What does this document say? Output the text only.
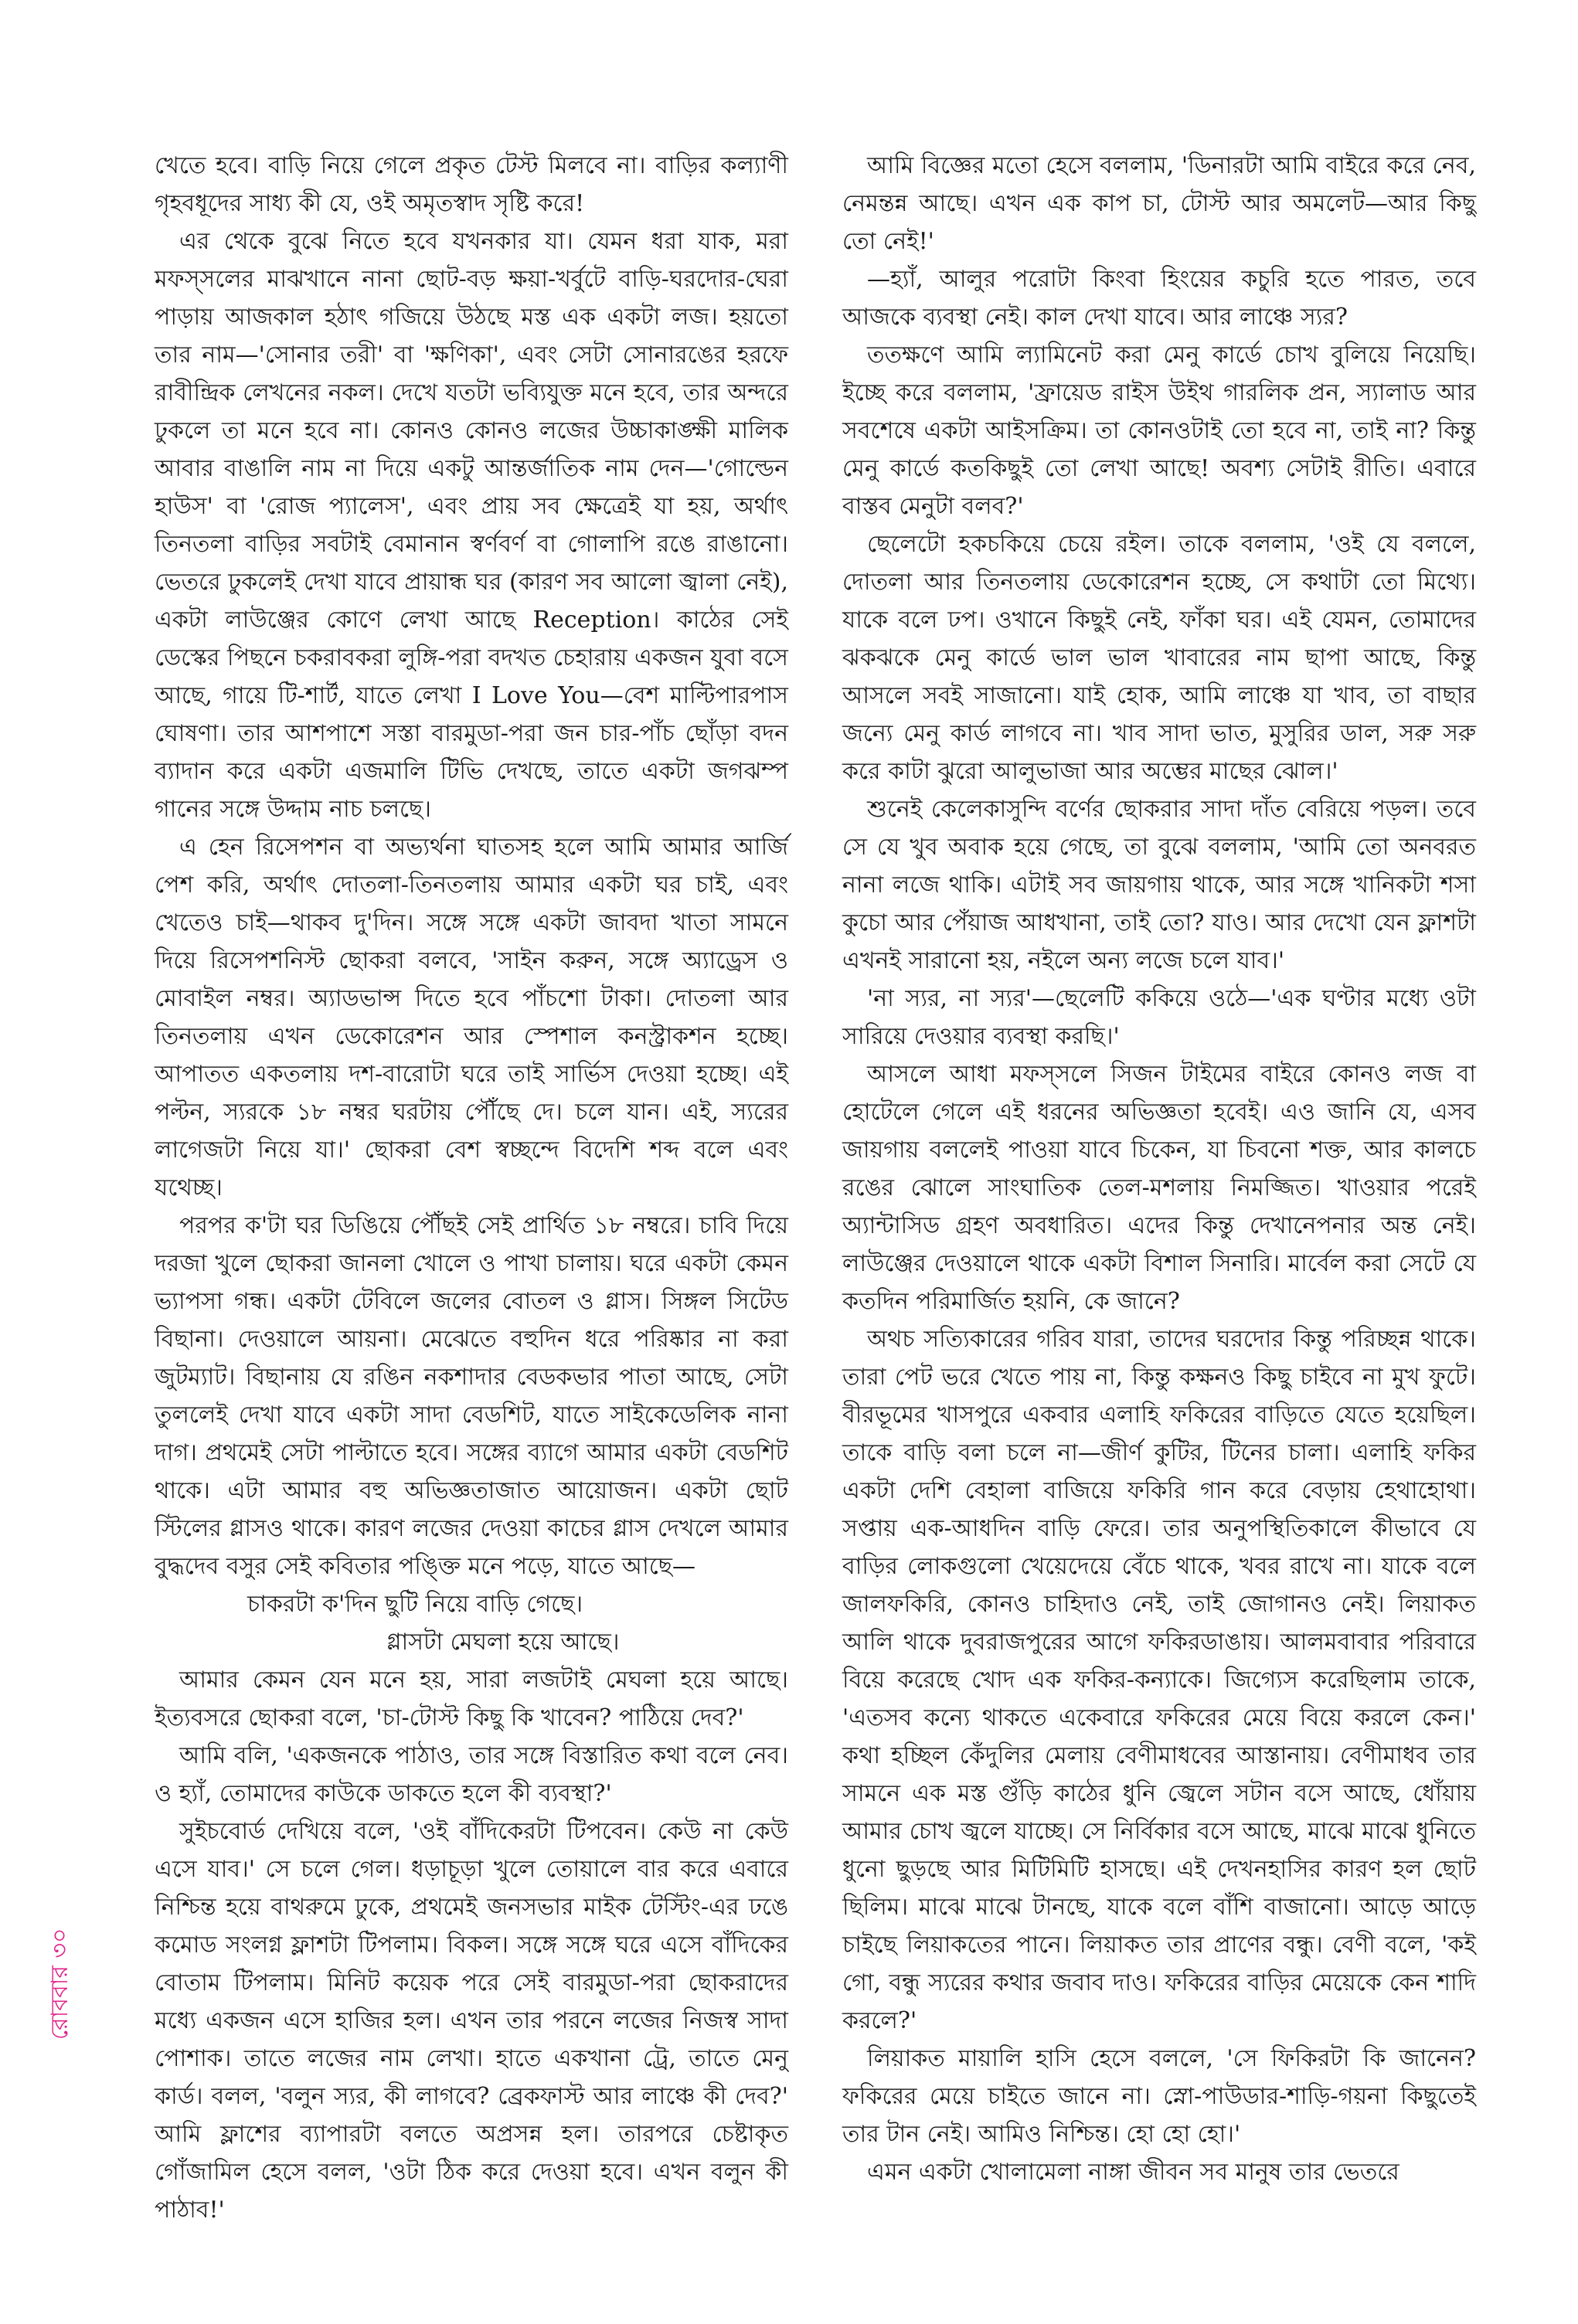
খেতে হবে। বাড়ি নিয়ে গেলে প্রকৃত টেস্ট মিলবে না। বাড়ির কল্যাণী গৃহবধূদের সাধ্য কী যে, ওই অমৃতস্বাদ সৃষ্টি করে!

এর থেকে বুঝে নিতে হবে যখনকার যা। যেমন ধরা যাক, মরা মফস্সলের মাঝখানে নানা ছোট-বড় ক্ষয়া-খর্বুটে বাড়ি-ঘরদোর-ঘেরা পাড়ায় আজকাল হঠাৎ গজিয়ে উঠছে মস্ত এক একটা লজ। হয়তো তার নাম—'সোনার তরী' বা 'ক্ষণিকা', এবং সেটা সোনারঙের হরফে রাবীন্দ্রিক লেখনের নকল। দেখে যতটা ভব্যিযুক্ত মনে হবে, তার অন্দরে ঢুকলে তা মনে হবে না। কোনও কোনও লজের উচ্চাকাঙ্ক্ষী মালিক আবার বাঙালি নাম না দিয়ে একটু আন্তর্জাতিক নাম দেন—'গোল্ডেন হাউস' বা 'রোজ প্যালেস', এবং প্রায় সব ক্ষেত্রেই যা হয়, অর্থাৎ তিনতলা বাড়ির সবটাই বেমানান স্বর্ণবর্ণ বা গোলাপি রঙে রাঙানো। ভেতরে ঢুকলেই দেখা যাবে প্রায়ান্ধ ঘর (কারণ সব আলো জ্বালা নেই), একটা লাউঞ্জের কোণে লেখা আছে Reception। কাঠের সেই ডেস্কের পিছনে চকরাবকরা লুঙ্গি-পরা বদখত চেহারায় একজন যুবা বসে আছে, গায়ে টি-শার্ট, যাতে লেখা I Love You—বেশ মাল্টিপারপাস ঘোষণা। তার আশপাশে সস্তা বারমুডা-পরা জন চার-পাঁচ ছোঁড়া বদন ব্যাদান করে একটা এজমালি টিভি দেখছে, তাতে একটা জগঝম্প গানের সঙ্গে উদ্দাম নাচ চলছে।

এ হেন রিসেপশন বা অভ্যর্থনা ঘাতসহ হলে আমি আমার আর্জি পেশ করি, অর্থাৎ দোতলা-তিনতলায় আমার একটা ঘর চাই, এবং খেতেও চাই—থাকব দু'দিন। সঙ্গে সঙ্গে একটা জাবদা খাতা সামনে দিয়ে রিসেপশনিস্ট ছোকরা বলবে, 'সাইন করুন, সঙ্গে অ্যাড্রেস ও মোবাইল নম্বর। অ্যাডভান্স দিতে হবে পাঁচশো টাকা। দোতলা আর তিনতলায় এখন ডেকোরেশন আর স্পেশাল কনস্ট্রাকশন হচ্ছে। আপাতত একতলায় দশ-বারোটা ঘরে তাই সার্ভিস দেওয়া হচ্ছে। এই পল্টন, স্যরকে ১৮ নম্বর ঘরটায় পৌঁছে দে। চলে যান। এই, স্যরের লাগেজটা নিয়ে যা।' ছোকরা বেশ স্বচ্ছন্দে বিদেশি শব্দ বলে এবং যথেচ্ছ।

পরপর ক'টা ঘর ডিঙিয়ে পৌঁছই সেই প্রার্থিত ১৮ নম্বরে। চাবি দিয়ে দরজা খুলে ছোকরা জানলা খোলে ও পাখা চালায়। ঘরে একটা কেমন ভ্যাপসা গন্ধ। একটা টেবিলে জলের বোতল ও গ্লাস। সিঙ্গল সিটেড বিছানা। দেওয়ালে আয়না। মেঝেতে বহুদিন ধরে পরিষ্কার না করা জুটম্যাট। বিছানায় যে রঙিন নকশাদার বেডকভার পাতা আছে, সেটা তুললেই দেখা যাবে একটা সাদা বেডশিট, যাতে সাইকেডেলিক নানা দাগ। প্রথমেই সেটা পাল্টাতে হবে। সঙ্গের ব্যাগে আমার একটা বেডশিট থাকে। এটা আমার বহু অভিজ্ঞতাজাত আয়োজন। একটা ছোট স্টিলের গ্লাসও থাকে। কারণ লজের দেওয়া কাচের গ্লাস দেখলে আমার বুদ্ধদেব বসুর সেই কবিতার পঙ্ক্তি মনে পড়ে, যাতে আছে—

চাকরটা ক'দিন ছুটি নিয়ে বাড়ি গেছে।
গ্লাসটা মেঘলা হয়ে আছে।

আমার কেমন যেন মনে হয়, সারা লজটাই মেঘলা হয়ে আছে। ইত্যবসরে ছোকরা বলে, 'চা-টোস্ট কিছু কি খাবেন? পাঠিয়ে দেব?'

আমি বলি, 'একজনকে পাঠাও, তার সঙ্গে বিস্তারিত কথা বলে নেব। ও হ্যাঁ, তোমাদের কাউকে ডাকতে হলে কী ব্যবস্থা?'

সুইচবোর্ড দেখিয়ে বলে, 'ওই বাঁদিকেরটা টিপবেন। কেউ না কেউ এসে যাব।' সে চলে গেল। ধড়াচূড়া খুলে তোয়ালে বার করে এবারে নিশ্চিন্ত হয়ে বাথরুমে ঢুকে, প্রথমেই জনসভার মাইক টেস্টিং-এর ঢঙে কমোড সংলগ্ন ফ্লাশটা টিপলাম। বিকল। সঙ্গে সঙ্গে ঘরে এসে বাঁদিকের বোতাম টিপলাম। মিনিট কয়েক পরে সেই বারমুডা-পরা ছোকরাদের মধ্যে একজন এসে হাজির হল। এখন তার পরনে লজের নিজস্ব সাদা পোশাক। তাতে লজের নাম লেখা। হাতে একখানা ট্রে, তাতে মেনু কার্ড। বলল, 'বলুন স্যর, কী লাগবে? ব্রেকফাস্ট আর লাঞ্চে কী দেব?' আমি ফ্লাশের ব্যাপারটা বলতে অপ্রসন্ন হল। তারপরে চেষ্টাকৃত গোঁজামিল হেসে বলল, 'ওটা ঠিক করে দেওয়া হবে। এখন বলুন কী পাঠাব!'

আমি বিজ্ঞের মতো হেসে বললাম, 'ডিনারটা আমি বাইরে করে নেব, নেমন্তন্ন আছে। এখন এক কাপ চা, টোস্ট আর অমলেট—আর কিছু তো নেই!'

—হ্যাঁ, আলুর পরোটা কিংবা হিংয়ের কচুরি হতে পারত, তবে আজকে ব্যবস্থা নেই। কাল দেখা যাবে। আর লাঞ্চে স্যর?

ততক্ষণে আমি ল্যামিনেট করা মেনু কার্ডে চোখ বুলিয়ে নিয়েছি। ইচ্ছে করে বললাম, 'ফ্রায়েড রাইস উইথ গারলিক প্রন, স্যালাড আর সবশেষে একটা আইসক্রিম। তা কোনওটাই তো হবে না, তাই না? কিন্তু মেনু কার্ডে কতকিছুই তো লেখা আছে! অবশ্য সেটাই রীতি। এবারে বাস্তব মেনুটা বলব?'

ছেলেটো হকচকিয়ে চেয়ে রইল। তাকে বললাম, 'ওই যে বললে, দোতলা আর তিনতলায় ডেকোরেশন হচ্ছে, সে কথাটা তো মিথ্যে। যাকে বলে ঢপ। ওখানে কিছুই নেই, ফাঁকা ঘর। এই যেমন, তোমাদের ঝকঝকে মেনু কার্ডে ভাল ভাল খাবারের নাম ছাপা আছে, কিন্তু আসলে সবই সাজানো। যাই হোক, আমি লাঞ্চে যা খাব, তা বাছার জন্যে মেনু কার্ড লাগবে না। খাব সাদা ভাত, মুসুরির ডাল, সরু সরু করে কাটা ঝুরো আলুভাজা আর অম্ভের মাছের ঝোল।'

শুনেই কেলেকাসুন্দি বর্ণের ছোকরার সাদা দাঁত বেরিয়ে পড়ল। তবে সে যে খুব অবাক হয়ে গেছে, তা বুঝে বললাম, 'আমি তো অনবরত নানা লজে থাকি। এটাই সব জায়গায় থাকে, আর সঙ্গে খানিকটা শসা কুচো আর পেঁয়াজ আধখানা, তাই তো? যাও। আর দেখো যেন ফ্লাশটা এখনই সারানো হয়, নইলে অন্য লজে চলে যাব।'

'না স্যর, না স্যর'—ছেলেটি ককিয়ে ওঠে—'এক ঘণ্টার মধ্যে ওটা সারিয়ে দেওয়ার ব্যবস্থা করছি।'

আসলে আধা মফস্সলে সিজন টাইমের বাইরে কোনও লজ বা হোটেলে গেলে এই ধরনের অভিজ্ঞতা হবেই। এও জানি যে, এসব জায়গায় বললেই পাওয়া যাবে চিকেন, যা চিবনো শক্ত, আর কালচে রঙের ঝোলে সাংঘাতিক তেল-মশলায় নিমজ্জিত। খাওয়ার পরেই অ্যান্টাসিড গ্রহণ অবধারিত। এদের কিন্তু দেখানেপনার অন্ত নেই। লাউঞ্জের দেওয়ালে থাকে একটা বিশাল সিনারি। মার্বেল করা সেটে যে কতদিন পরিমার্জিত হয়নি, কে জানে?

অথচ সত্যিকারের গরিব যারা, তাদের ঘরদোর কিন্তু পরিচ্ছন্ন থাকে। তারা পেট ভরে খেতে পায় না, কিন্তু কক্ষনও কিছু চাইবে না মুখ ফুটে। বীরভূমের খাসপুরে একবার এলাহি ফকিরের বাড়িতে যেতে হয়েছিল। তাকে বাড়ি বলা চলে না—জীর্ণ কুটির, টিনের চালা। এলাহি ফকির একটা দেশি বেহালা বাজিয়ে ফকিরি গান করে বেড়ায় হেথাহোথা। সপ্তায় এক-আধদিন বাড়ি ফেরে। তার অনুপস্থিতিকালে কীভাবে যে বাড়ির লোকগুলো খেয়েদেয়ে বেঁচে থাকে, খবর রাখে না। যাকে বলে জালফকিরি, কোনও চাহিদাও নেই, তাই জোগানও নেই। লিয়াকত আলি থাকে দুবরাজপুরের আগে ফকিরডাঙায়। আলমবাবার পরিবারে বিয়ে করেছে খোদ এক ফকির-কন্যাকে। জিগ্যেস করেছিলাম তাকে, 'এতসব কন্যে থাকতে একেবারে ফকিরের মেয়ে বিয়ে করলে কেন।' কথা হচ্ছিল কেঁদুলির মেলায় বেণীমাধবের আস্তানায়। বেণীমাধব তার সামনে এক মস্ত গুঁড়ি কাঠের ধুনি জ্বেলে সটান বসে আছে, ধোঁয়ায় আমার চোখ জ্বলে যাচ্ছে। সে নির্বিকার বসে আছে, মাঝে মাঝে ধুনিতে ধুনো ছুড়ছে আর মিটিমিটি হাসছে। এই দেখনহাসির কারণ হল ছোট ছিলিম। মাঝে মাঝে টানছে, যাকে বলে বাঁশি বাজানো। আড়ে আড়ে চাইছে লিয়াকতের পানে। লিয়াকত তার প্রাণের বন্ধু। বেণী বলে, 'কই গো, বন্ধু স্যরের কথার জবাব দাও। ফকিরের বাড়ির মেয়েকে কেন শাদি করলে?'

লিয়াকত মায়ালি হাসি হেসে বললে, 'সে ফিকিরটা কি জানেন? ফকিরের মেয়ে চাইতে জানে না। স্নো-পাউডার-শাড়ি-গয়না কিছুতেই তার টান নেই। আমিও নিশ্চিন্ত। হো হো হো।'

এমন একটা খোলামেলা নাঙ্গা জীবন সব মানুষ তার ভেতরে

রোববার ৩০
